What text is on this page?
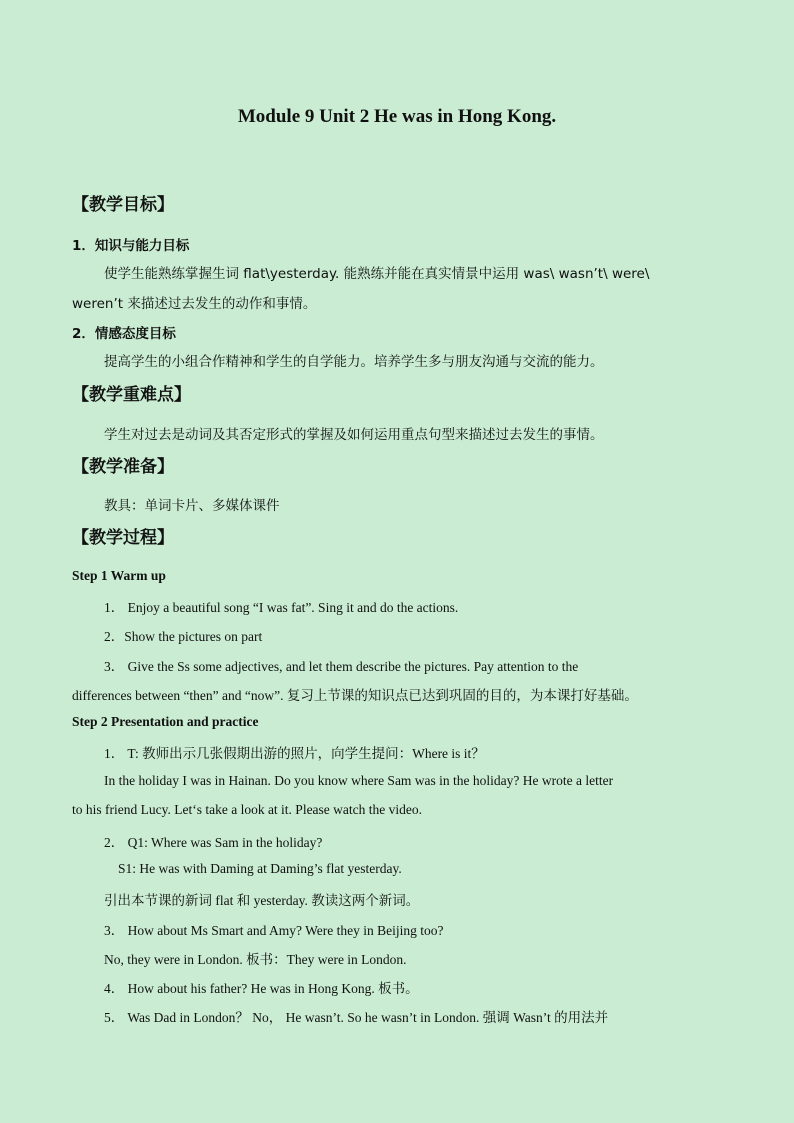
Module 9 Unit 2 He was in Hong Kong.
【教学目标】
1．知识与能力目标
使学生能熟练掌握生词 flat\yesterday. 能熟练并能在真实情景中运用 was\ wasn’t\ were\
weren’t 来描述过去发生的动作和事情。
2．情感态度目标
提高学生的小组合作精神和学生的自学能力。培养学生多与朋友沟通与交流的能力。
【教学重难点】
学生对过去是动词及其否定形式的掌握及如何运用重点句型来描述过去发生的事情。
【教学准备】
教具：单词卡片、多媒体课件
【教学过程】
Step 1 Warm up
1． Enjoy a beautiful song “I was fat”. Sing it and do the actions.
2．Show the pictures on part
3． Give the Ss some adjectives, and let them describe the pictures. Pay attention to the
differences between “then” and “now”. 复习上节课的知识点已达到巩固的目的，为本课打好基础。
Step 2 Presentation and practice
1． T: 教师出示几张假期出游的照片，向学生提问：Where is it？
In the holiday I was in Hainan. Do you know where Sam was in the holiday? He wrote a letter
to his friend Lucy. Let‘s take a look at it. Please watch the video.
2． Q1: Where was Sam in the holiday?
S1: He was with Daming at Daming’s flat yesterday.
引出本节课的新词 flat 和 yesterday. 教读这两个新词。
3． How about Ms Smart and Amy? Were they in Beijing too?
No, they were in London. 板书：They were in London.
4． How about his father? He was in Hong Kong. 板书。
5． Was Dad in London？ No， He wasn’t. So he wasn’t in London. 强调 Wasn’t 的用法并
